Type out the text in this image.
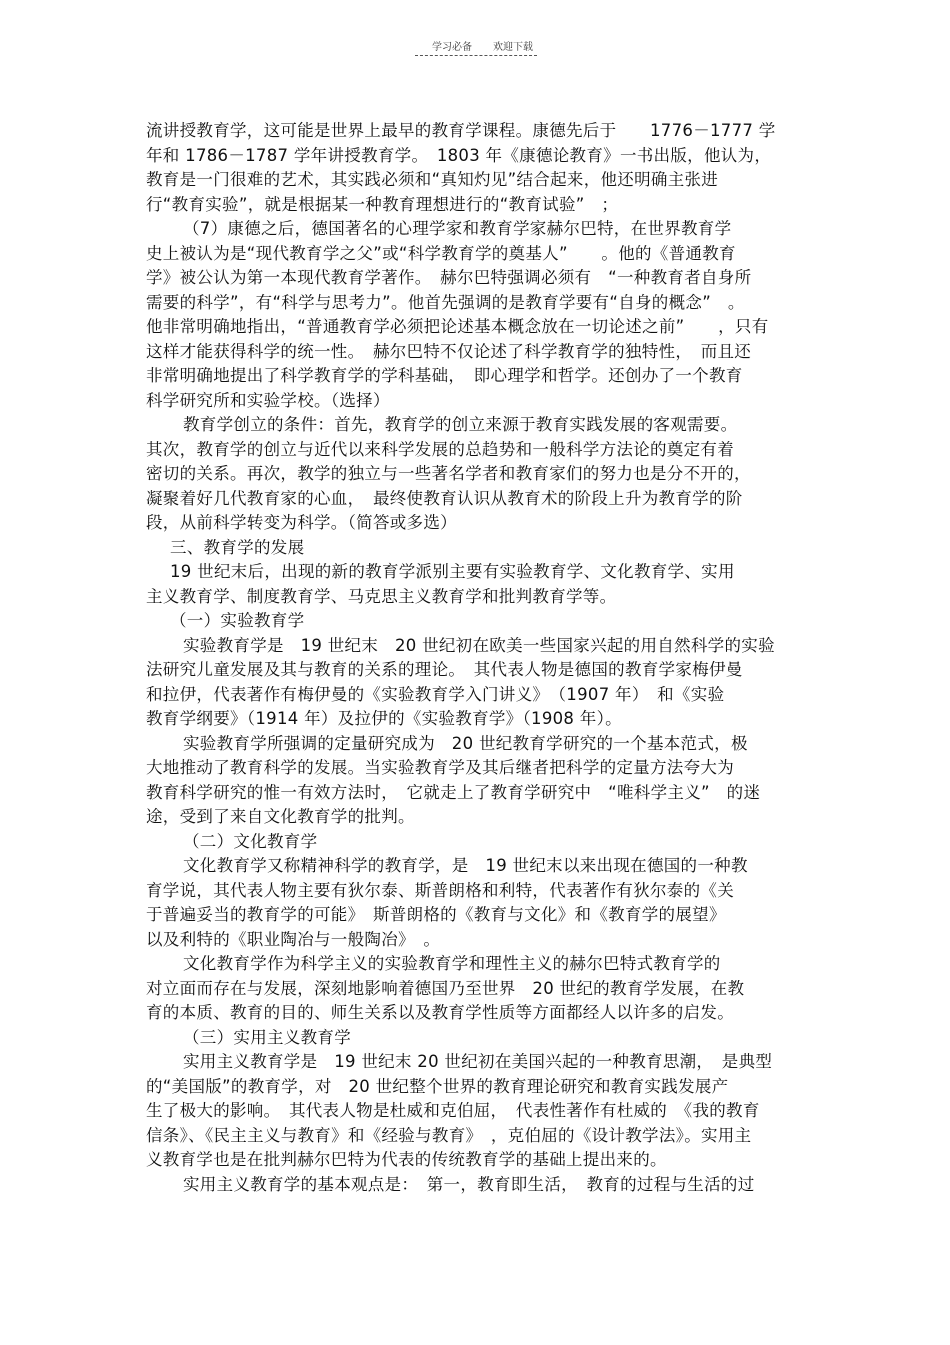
学习必备 欢迎下载
流讲授教育学，这可能是世界上最早的教育学课程。康德先后于　　1776－1777 学
年和 1786－1787 学年讲授教育学。　1803 年《康德论教育》一书出版，他认为，
教育是一门很难的艺术，其实践必须和“真知灼见”结合起来，他还明确主张进
行“教育实验”，就是根据某一种教育理想进行的“教育试验”　；
（7）康德之后，德国著名的心理学家和教育学家赫尔巴特，在世界教育学
史上被认为是“现代教育学之父”或“科学教育学的奠基人”　　。他的《普通教育
学》被公认为第一本现代教育学著作。　赫尔巴特强调必须有　“一种教育者自身所
需要的科学”，有“科学与思考力”。他首先强调的是教育学要有“自身的概念”　。
他非常明确地指出，“普通教育学必须把论述基本概念放在一切论述之前”　　，只有
这样才能获得科学的统一性。　赫尔巴特不仅论述了科学教育学的独特性，　而且还
非常明确地提出了科学教育学的学科基础，　即心理学和哲学。还创办了一个教育
科学研究所和实验学校。（选择）
教育学创立的条件：首先，教育学的创立来源于教育实践发展的客观需要。
其次，教育学的创立与近代以来科学发展的总趋势和一般科学方法论的奠定有着
密切的关系。再次，教学的独立与一些著名学者和教育家们的努力也是分不开的，
凝聚着好几代教育家的心血，　最终使教育认识从教育术的阶段上升为教育学的阶
段，从前科学转变为科学。（简答或多选）
三、教育学的发展
19 世纪末后，出现的新的教育学派别主要有实验教育学、文化教育学、实用
主义教育学、制度教育学、马克思主义教育学和批判教育学等。
（一）实验教育学
实验教育学是　19 世纪末　20 世纪初在欧美一些国家兴起的用自然科学的实验
法研究儿童发展及其与教育的关系的理论。　其代表人物是德国的教育学家梅伊曼
和拉伊，代表著作有梅伊曼的《实验教育学入门讲义》　（1907 年）　和《实验
教育学纲要》（1914 年）及拉伊的《实验教育学》（1908 年）。
实验教育学所强调的定量研究成为　20 世纪教育学研究的一个基本范式，极
大地推动了教育科学的发展。当实验教育学及其后继者把科学的定量方法夸大为
教育科学研究的惟一有效方法时，　它就走上了教育学研究中　“唯科学主义”　的迷
途，受到了来自文化教育学的批判。
（二）文化教育学
文化教育学又称精神科学的教育学，是　19 世纪末以来出现在德国的一种教
育学说，其代表人物主要有狄尔泰、斯普朗格和利特，代表著作有狄尔泰的《关
于普遍妥当的教育学的可能》　斯普朗格的《教育与文化》和《教育学的展望》
以及利特的《职业陶冶与一般陶冶》　。
文化教育学作为科学主义的实验教育学和理性主义的赫尔巴特式教育学的
对立面而存在与发展，深刻地影响着德国乃至世界　20 世纪的教育学发展，在教
育的本质、教育的目的、师生关系以及教育学性质等方面都经人以许多的启发。
（三）实用主义教育学
实用主义教育学是　19 世纪末 20 世纪初在美国兴起的一种教育思潮，　是典型
的“美国版”的教育学，对　20 世纪整个世界的教育理论研究和教育实践发展产
生了极大的影响。　其代表人物是杜威和克伯屈，　代表性著作有杜威的　《我的教育
信条》、《民主主义与教育》和《经验与教育》　，克伯屈的《设计教学法》。实用主
义教育学也是在批判赫尔巴特为代表的传统教育学的基础上提出来的。
实用主义教育学的基本观点是：　第一，教育即生活，　教育的过程与生活的过
